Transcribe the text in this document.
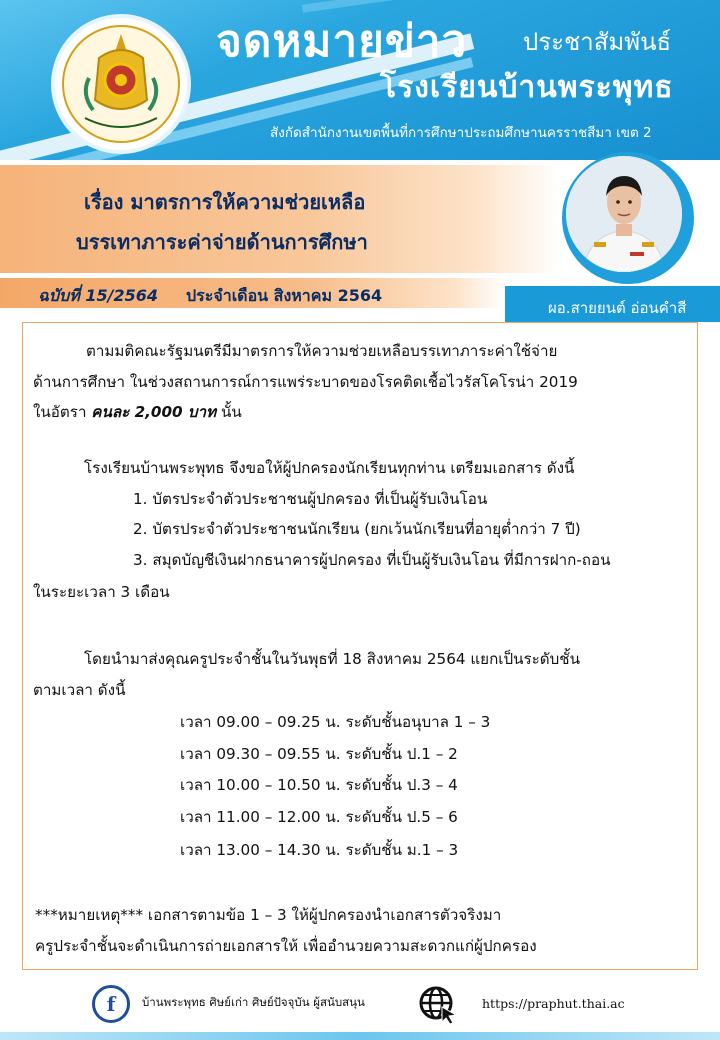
จดหมายข่าว ประชาสัมพันธ์
โรงเรียนบ้านพระพุทธ
สังกัดสำนักงานเขตพื้นที่การศึกษาประถมศึกษานครราชสีมา เขต 2
เรื่อง มาตรการให้ความช่วยเหลือ
บรรเทาภาระค่าจ่ายด้านการศึกษา
ฉบับที่ 15/2564 ประจำเดือน สิงหาคม 2564
ผอ.สายยนต์ อ่อนคำสี
ตามมติคณะรัฐมนตรีมีมาตรการให้ความช่วยเหลือบรรเทาภาระค่าใช้จ่าย
ด้านการศึกษา ในช่วงสถานการณ์การแพร่ระบาดของโรคติดเชื้อไวรัสโคโรน่า 2019
ในอัตรา คนละ 2,000 บาท นั้น
โรงเรียนบ้านพระพุทธ จึงขอให้ผู้ปกครองนักเรียนทุกท่าน เตรียมเอกสาร ดังนี้
1. บัตรประจำตัวประชาชนผู้ปกครอง ที่เป็นผู้รับเงินโอน
2. บัตรประจำตัวประชาชนนักเรียน (ยกเว้นนักเรียนที่อายุต่ำกว่า 7 ปี)
3. สมุดบัญชีเงินฝากธนาคารผู้ปกครอง ที่เป็นผู้รับเงินโอน ที่มีการฝาก-ถอน
ในระยะเวลา 3 เดือน
โดยนำมาส่งคุณครูประจำชั้นในวันพุธที่ 18 สิงหาคม 2564 แยกเป็นระดับชั้น
ตามเวลา ดังนี้
เวลา 09.00 – 09.25 น. ระดับชั้นอนุบาล 1 – 3
เวลา 09.30 – 09.55 น. ระดับชั้น ป.1 – 2
เวลา 10.00 – 10.50 น. ระดับชั้น ป.3 – 4
เวลา 11.00 – 12.00 น. ระดับชั้น ป.5 – 6
เวลา 13.00 – 14.30 น. ระดับชั้น ม.1 – 3
***หมายเหตุ*** เอกสารตามข้อ 1 – 3 ให้ผู้ปกครองนำเอกสารตัวจริงมา
ครูประจำชั้นจะดำเนินการถ่ายเอกสารให้ เพื่ออำนวยความสะดวกแก่ผู้ปกครอง
f	บ้านพระพุทธ ศิษย์เก่า ศิษย์ปัจจุบัน ผู้สนับสนุน	https://praphut.thai.ac
